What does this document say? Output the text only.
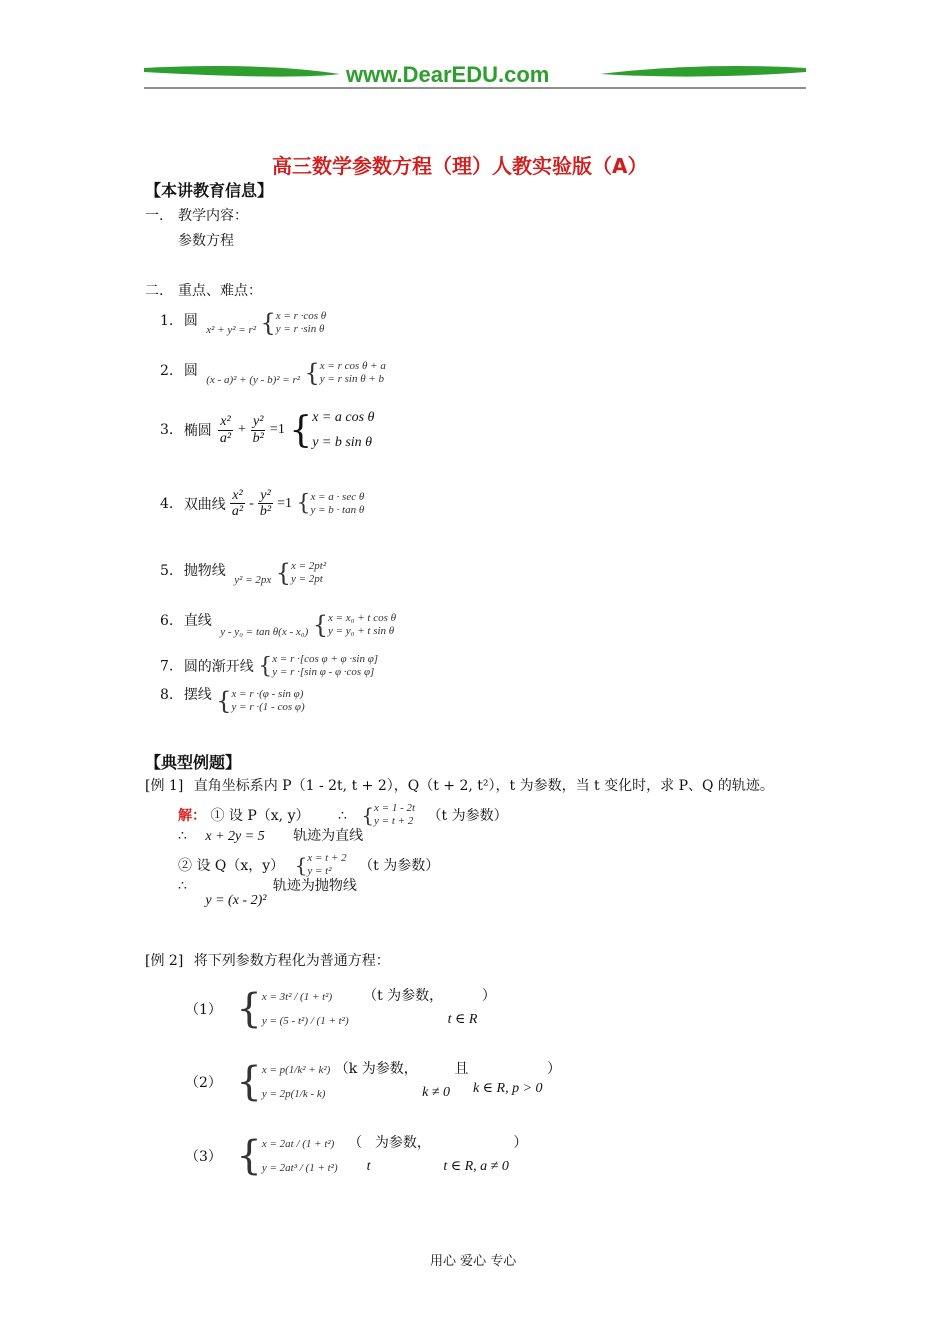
www.DearEDU.com
高三数学参数方程（理）人教实验版（A）
【本讲教育信息】
一. 教学内容：
参数方程
二. 重点、难点：
1. 圆 $_{x^2 + y^2 = r^2}$ { x = r ·cos θ
y = r ·sin θ
2. 圆 $_{(x - a)^2 + (y - b)^2 = r^2}$ { x = r cos θ + a
y = r sin θ + b
3. 椭圆 $\frac{\text{x²}}{\text{a²}} + \frac{\text{y²}}{\text{b²}} =1$ { x = a cos θ
y = b sin θ
4. 双曲线 $\frac{\text{x²}}{\text{a²}} - \frac{\text{y²}}{\text{b²}} =1$ { x = a · sec θ
y = b · tan θ
5. 抛物线 $_{y^2 = 2px}$ { x = 2pt²
y = 2pt
6. 直线 $_{y - y_0 = tan \theta(x - x_0)}$ { x = x₀ + t cos θ
y = y₀ + t sin θ
7. 圆的渐开线 { x = r ·[cos φ + φ ·sin φ]
y = r ·[sin φ - φ ·cos φ]
8. 摆线 { x = r ·(φ - sin φ)
y = r ·(1 - cos φ)
【典型例题】
[例 1] 直角坐标系内 P（1 - 2t, t + 2），Q（t + 2, t²），t 为参数，当 t 变化时，求 P、Q 的轨迹。
解： ① 设 P（x, y） ∴ { x = 1 - 2t
y = t + 2 （t 为参数）
∴ x + 2y = 5 轨迹为直线
② 设 Q（x，y） { x = t + 2
y = t²	（t 为参数）
∴ y = (x - 2)² 轨迹为抛物线
[例 2] 将下列参数方程化为普通方程：
（1） { x = 3t² / (1 + t²)
y = (5 - t²) / (1 + t²)
（t 为参数， t ∈ R ）
（2） { x = p(1/k² + k²)
y = 2p(1/k - k)
（k 为参数， k ≠ 0 且 k ∈ R, p > 0 ）
（3） { x = 2at / (1 + t²)
y = 2at³ / (1 + t²)
（ t 为参数， t ∈ R, a ≠ 0 ）
用心 爱心 专心
